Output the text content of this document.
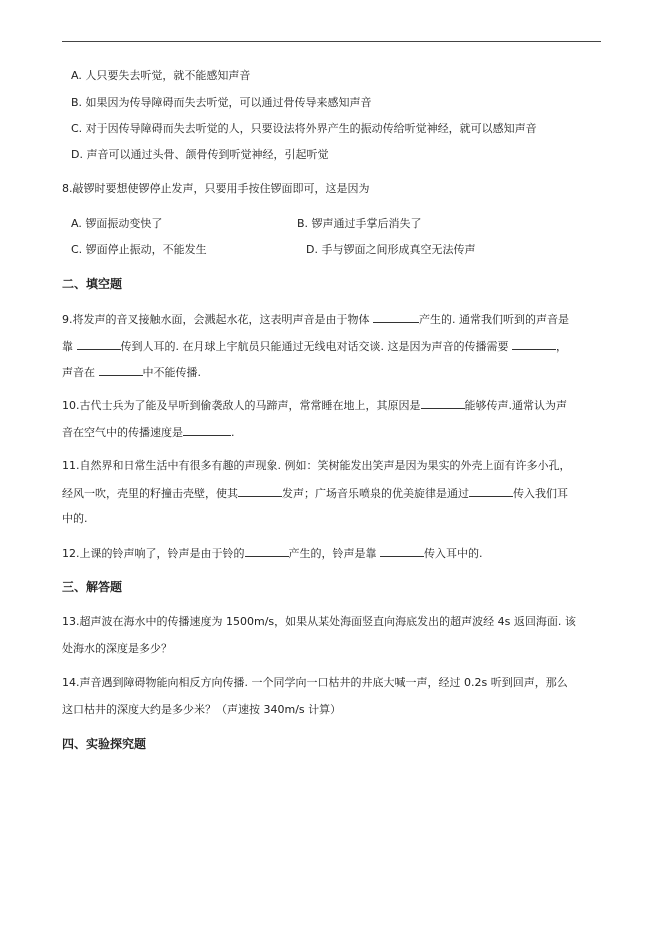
A. 人只要失去听觉，就不能感知声音
B. 如果因为传导障碍而失去听觉，可以通过骨传导来感知声音
C. 对于因传导障碍而失去听觉的人，只要设法将外界产生的振动传给听觉神经，就可以感知声音
D. 声音可以通过头骨、颌骨传到听觉神经，引起听觉
8.敲锣时要想使锣停止发声，只要用手按住锣面即可，这是因为
A. 锣面振动变快了	B. 锣声通过手掌后消失了
C. 锣面停止振动，不能发生	D. 手与锣面之间形成真空无法传声
二、填空题
9.将发声的音叉接触水面，会溅起水花，这表明声音是由于物体	产生的. 通常我们听到的声音是
靠	传到人耳的. 在月球上宇航员只能通过无线电对话交谈. 这是因为声音的传播需要	，
声音在	中不能传播.
10.古代士兵为了能及早听到偷袭敌人的马蹄声，常常睡在地上，其原因是	能够传声.通常认为声
音在空气中的传播速度是	.
11.自然界和日常生活中有很多有趣的声现象. 例如：笑树能发出笑声是因为果实的外壳上面有许多小孔，
经风一吹，壳里的籽撞击壳壁，使其	发声；广场音乐喷泉的优美旋律是通过	传入我们耳
中的.
12.上课的铃声响了，铃声是由于铃的	产生的，铃声是靠	传入耳中的.
三、解答题
13.超声波在海水中的传播速度为 1500m/s，如果从某处海面竖直向海底发出的超声波经 4s 返回海面. 该
处海水的深度是多少？
14.声音遇到障碍物能向相反方向传播. 一个同学向一口枯井的井底大喊一声，经过 0.2s 听到回声，那么
这口枯井的深度大约是多少米？（声速按 340m/s 计算）
四、实验探究题
